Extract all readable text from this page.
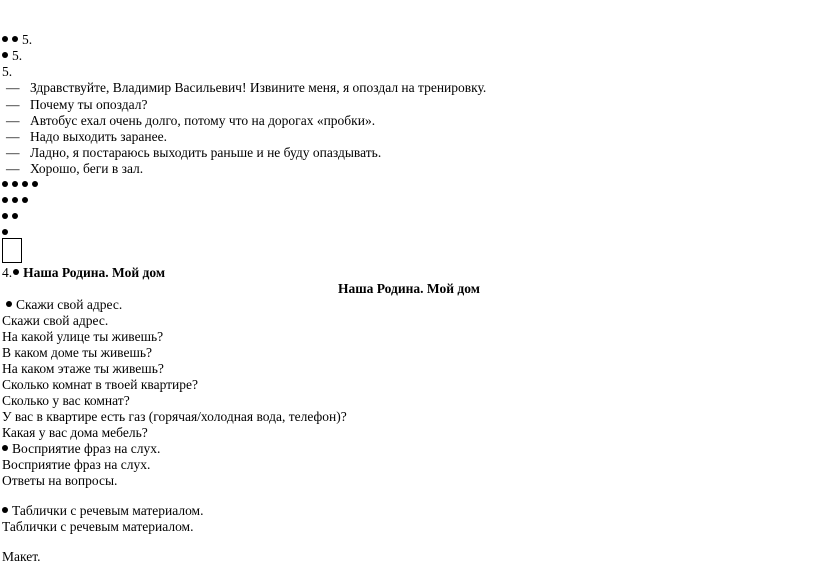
5.
5.
5.
— Здравствуйте, Владимир Васильевич! Извините меня, я опоздал на тренировку.
— Почему ты опоздал?
— Автобус ехал очень долго, потому что на дорогах «пробки».
— Надо выходить заранее.
— Ладно, я постараюсь выходить раньше и не буду опаздывать.
— Хорошо, беги в зал.
4. Наша Родина. Мой дом
Наша Родина. Мой дом
Скажи свой адрес.
Скажи свой адрес.
На какой улице ты живешь?
В каком доме ты живешь?
На каком этаже ты живешь?
Сколько комнат в твоей квартире?
Сколько у вас комнат?
У вас в квартире есть газ (горячая/холодная вода, телефон)?
Какая у вас дома мебель?
Восприятие фраз на слух.
Восприятие фраз на слух.
Ответы на вопросы.
Таблички с речевым материалом.
Таблички с речевым материалом.
Макет.
